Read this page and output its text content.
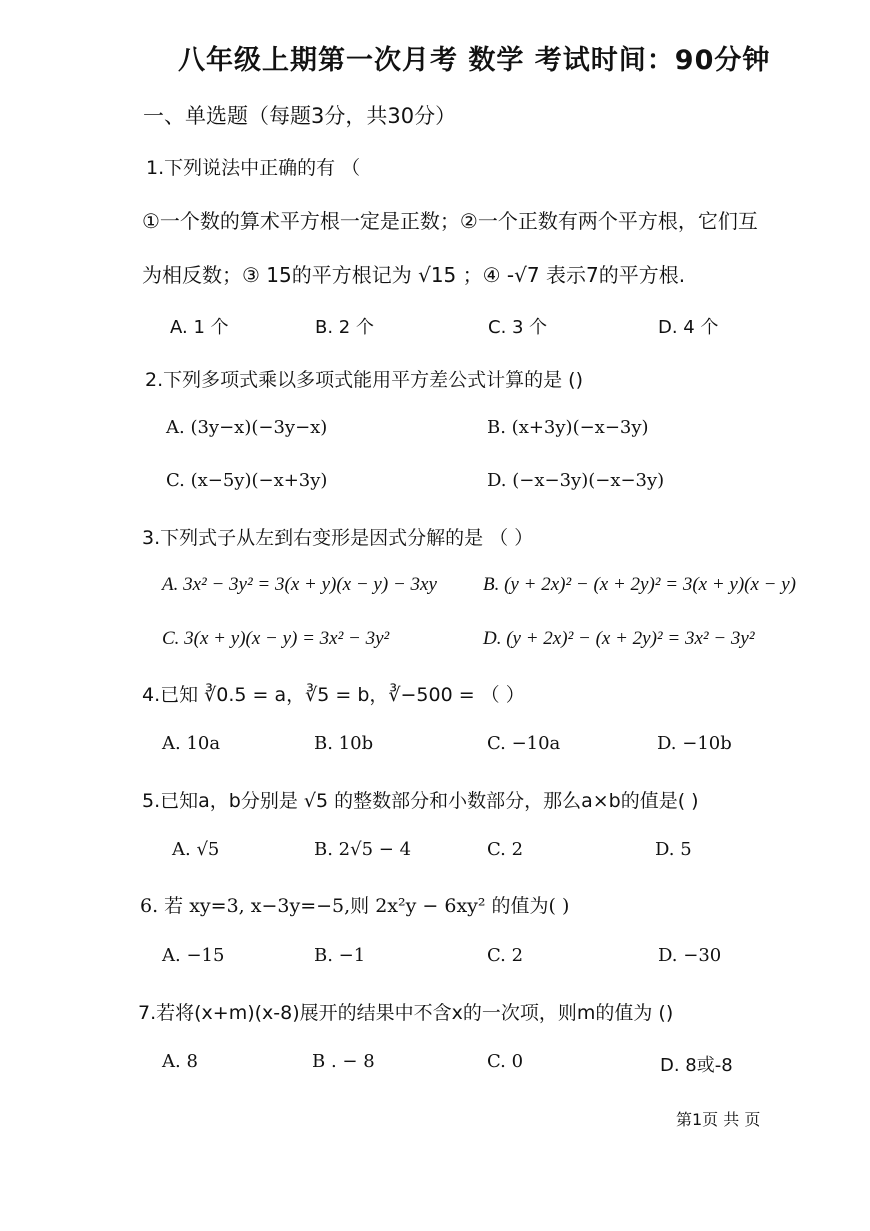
八年级上期第一次月考 数学 考试时间：90分钟
一、单选题（每题3分，共30分）
1.下列说法中正确的有 （
①一个数的算术平方根一定是正数；②一个正数有两个平方根，它们互
为相反数；③ 15的平方根记为 √15 ；④ -√7 表示7的平方根.
A. 1 个	B. 2 个	C. 3 个	D. 4 个
2.下列多项式乘以多项式能用平方差公式计算的是 ()
A. (3y−x)(−3y−x)	B. (x+3y)(−x−3y)
C. (x−5y)(−x+3y)	D. (−x−3y)(−x−3y)
3.下列式子从左到右变形是因式分解的是 （ ）
A. 3x² − 3y² = 3(x + y)(x − y) − 3xy B. (y + 2x)² − (x + 2y)² = 3(x + y)(x − y)
C. 3(x + y)(x − y) = 3x² − 3y²	D. (y + 2x)² − (x + 2y)² = 3x² − 3y²
4.已知 ∛0.5 = a，∛5 = b，∛−500 = （ ）
A. 10a	B. 10b	C. −10a	D. −10b
5.已知a，b分别是 √5 的整数部分和小数部分，那么a×b的值是( )
A. √5	B. 2√5 − 4	C. 2	D. 5
6. 若 xy=3, x−3y=−5,则 2x²y − 6xy² 的值为( )
A. −15	B. −1	C. 2	D. −30
7.若将(x+m)(x-8)展开的结果中不含x的一次项，则m的值为 ()
A. 8	B . − 8	C. 0	D. 8或-8
第1页 共 页
